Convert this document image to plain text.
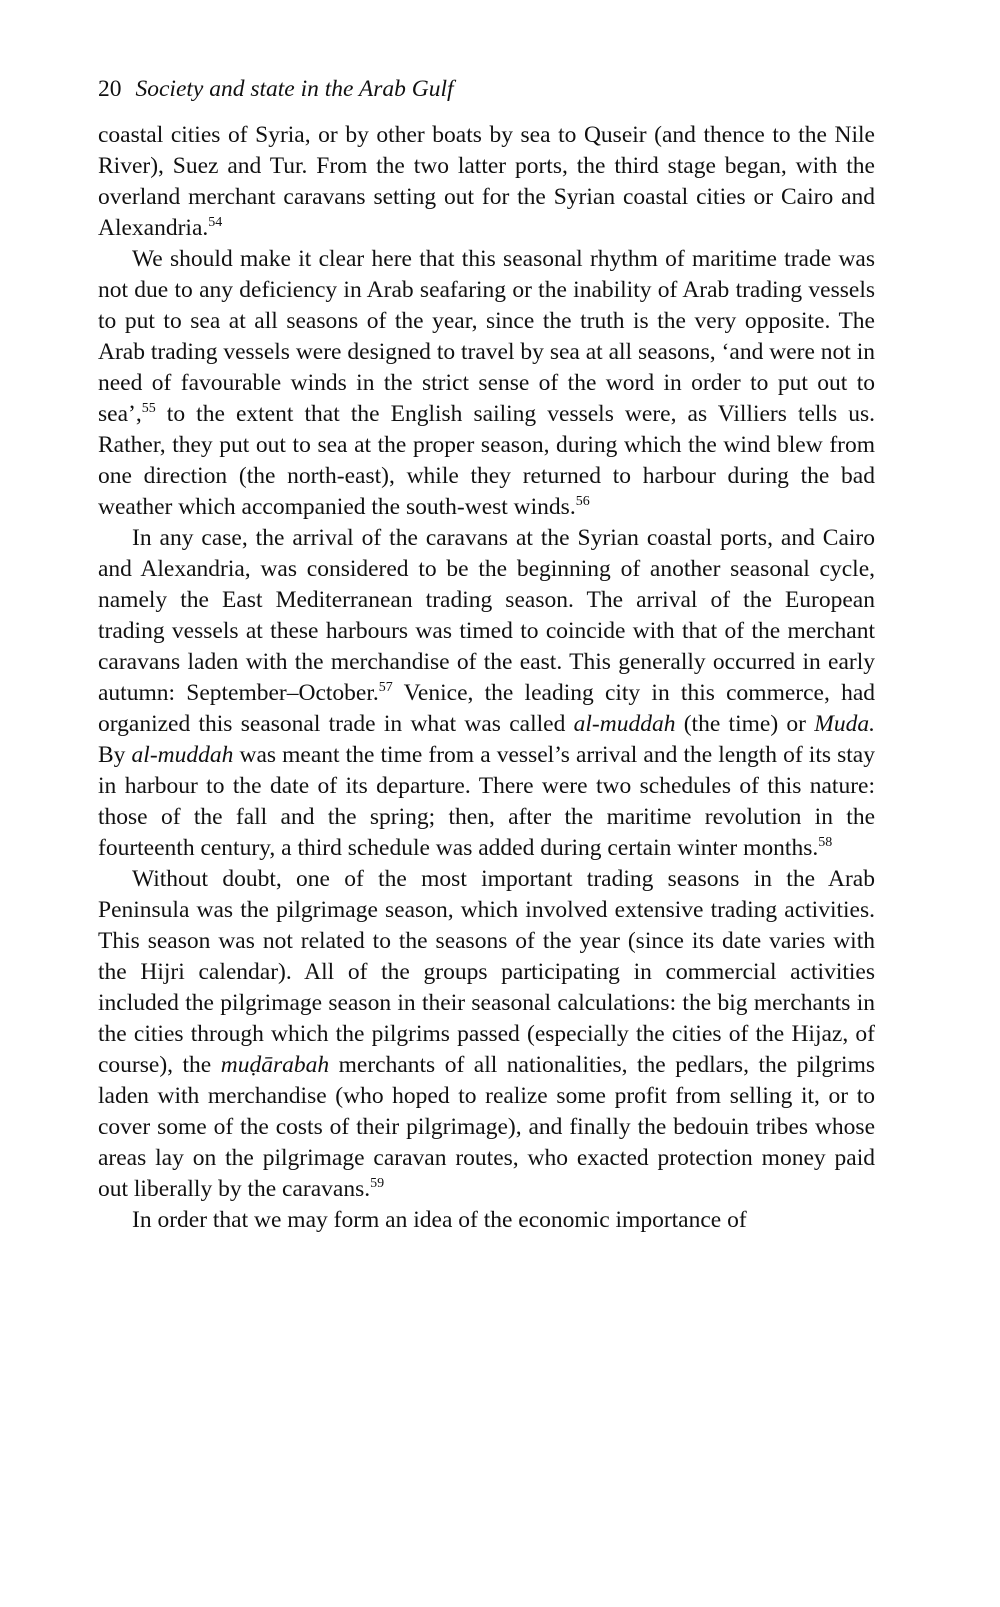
20 Society and state in the Arab Gulf

coastal cities of Syria, or by other boats by sea to Quseir (and thence to the Nile River), Suez and Tur. From the two latter ports, the third stage began, with the overland merchant caravans setting out for the Syrian coastal cities or Cairo and Alexandria.$^{54}$

We should make it clear here that this seasonal rhythm of maritime trade was not due to any deficiency in Arab seafaring or the inability of Arab trading vessels to put to sea at all seasons of the year, since the truth is the very opposite. The Arab trading vessels were designed to travel by sea at all seasons, ‘and were not in need of favourable winds in the strict sense of the word in order to put out to sea’,$^{55}$ to the extent that the English sailing vessels were, as Villiers tells us. Rather, they put out to sea at the proper season, during which the wind blew from one direction (the north-east), while they returned to harbour during the bad weather which accompanied the south-west winds.$^{56}$

In any case, the arrival of the caravans at the Syrian coastal ports, and Cairo and Alexandria, was considered to be the beginning of another seasonal cycle, namely the East Mediterranean trading season. The arrival of the European trading vessels at these harbours was timed to coincide with that of the merchant caravans laden with the merchandise of the east. This generally occurred in early autumn: September–October.$^{57}$ Venice, the leading city in this commerce, had organized this seasonal trade in what was called al-muddah (the time) or Muda. By al-muddah was meant the time from a vessel’s arrival and the length of its stay in harbour to the date of its departure. There were two schedules of this nature: those of the fall and the spring; then, after the maritime revolution in the fourteenth century, a third schedule was added during certain winter months.$^{58}$

Without doubt, one of the most important trading seasons in the Arab Peninsula was the pilgrimage season, which involved extensive trading activities. This season was not related to the seasons of the year (since its date varies with the Hijri calendar). All of the groups participating in commercial activities included the pilgrimage season in their seasonal calculations: the big merchants in the cities through which the pilgrims passed (especially the cities of the Hijaz, of course), the muḍārabah merchants of all nationalities, the pedlars, the pilgrims laden with merchandise (who hoped to realize some profit from selling it, or to cover some of the costs of their pilgrimage), and finally the bedouin tribes whose areas lay on the pilgrimage caravan routes, who exacted protection money paid out liberally by the caravans.$^{59}$

In order that we may form an idea of the economic importance of
